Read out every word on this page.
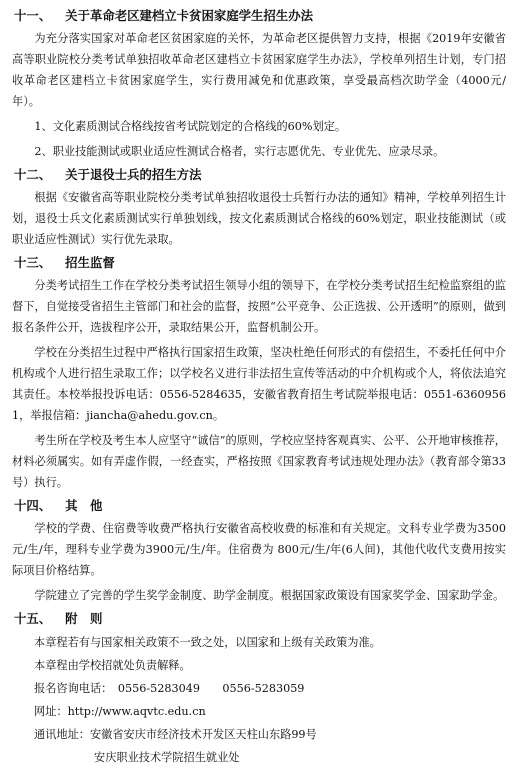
十一、 关于革命老区建档立卡贫困家庭学生招生办法

为充分落实国家对革命老区贫困家庭的关怀，为革命老区提供智力支持，根据《2019年安徽省高等职业院校分类考试单独招收革命老区建档立卡贫困家庭学生办法》，学校单列招生计划，专门招收革命老区建档立卡贫困家庭学生，实行费用减免和优惠政策，享受最高档次助学金（4000元/年）。

1、文化素质测试合格线按省考试院划定的合格线的60%划定。

2、职业技能测试或职业适应性测试合格者，实行志愿优先、专业优先、应录尽录。

十二、 关于退役士兵的招生方法

根据《安徽省高等职业院校分类考试单独招收退役士兵暂行办法的通知》精神，学校单列招生计划，退役士兵文化素质测试实行单独划线，按文化素质测试合格线的60%划定，职业技能测试（或职业适应性测试）实行优先录取。

十三、 招生监督

分类考试招生工作在学校分类考试招生领导小组的领导下，在学校分类考试招生纪检监察组的监督下，自觉接受省招生主管部门和社会的监督，按照“公平竞争、公正选拔、公开透明”的原则，做到报名条件公开，选拔程序公开，录取结果公开，监督机制公开。

学校在分类招生过程中严格执行国家招生政策，坚决杜绝任何形式的有偿招生，不委托任何中介机构或个人进行招生录取工作；以学校名义进行非法招生宣传等活动的中介机构或个人，将依法追究其责任。本校举报投诉电话：0556-5284635，安徽省教育招生考试院举报电话：0551-63609561，举报信箱：jiancha@ahedu.gov.cn。

考生所在学校及考生本人应坚守“诚信”的原则，学校应坚持客观真实、公平、公开地审核推荐，材料必须属实。如有弄虚作假，一经查实，严格按照《国家教育考试违规处理办法》（教育部令第33号）执行。

十四、 其　他

学校的学费、住宿费等收费严格执行安徽省高校收费的标准和有关规定。文科专业学费为3500元/生/年，理科专业学费为3900元/生/年。住宿费为 800元/生/年(6人间)，其他代收代支费用按实际项目价格结算。

学院建立了完善的学生奖学金制度、助学金制度。根据国家政策设有国家奖学金、国家助学金。

十五、 附　则

本章程若有与国家相关政策不一致之处，以国家和上级有关政策为准。

本章程由学校招就处负责解释。

报名咨询电话：　0556-5283049　　0556-5283059

网址：http://www.aqvtc.edu.cn

通讯地址：安徽省安庆市经济技术开发区天柱山东路99号

安庆职业技术学院招生就业处
